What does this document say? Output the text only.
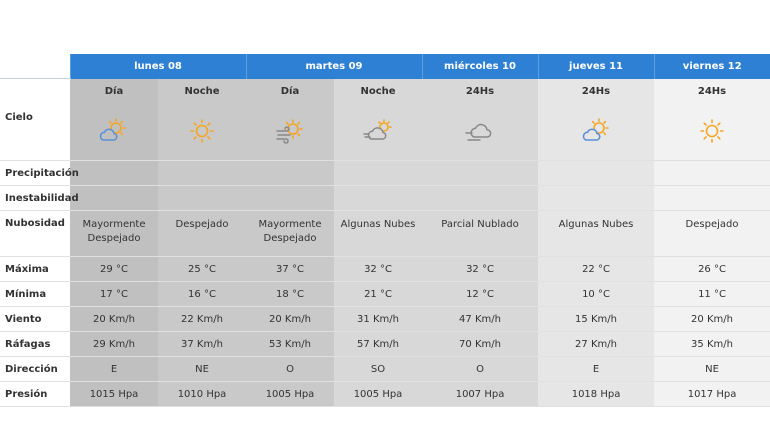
	lunes 08		martes 09		miércoles 10	jueves 11	viernes 12
	Día	Noche	Día	Noche	24Hs	24Hs	24Hs
Cielo							
Precipitación							
Inestabilidad							
Nubosidad	Mayormente Despejado	Despejado	Mayormente Despejado	Algunas Nubes	Parcial Nublado	Algunas Nubes	Despejado
Máxima	29 °C	25 °C	37 °C	32 °C	32 °C	22 °C	26 °C
Mínima	17 °C	16 °C	18 °C	21 °C	12 °C	10 °C	11 °C
Viento	20 Km/h	22 Km/h	20 Km/h	31 Km/h	47 Km/h	15 Km/h	20 Km/h
Ráfagas	29 Km/h	37 Km/h	53 Km/h	57 Km/h	70 Km/h	27 Km/h	35 Km/h
Dirección	E	NE	O	SO	O	E	NE
Presión	1015 Hpa	1010 Hpa	1005 Hpa	1005 Hpa	1007 Hpa	1018 Hpa	1017 Hpa
